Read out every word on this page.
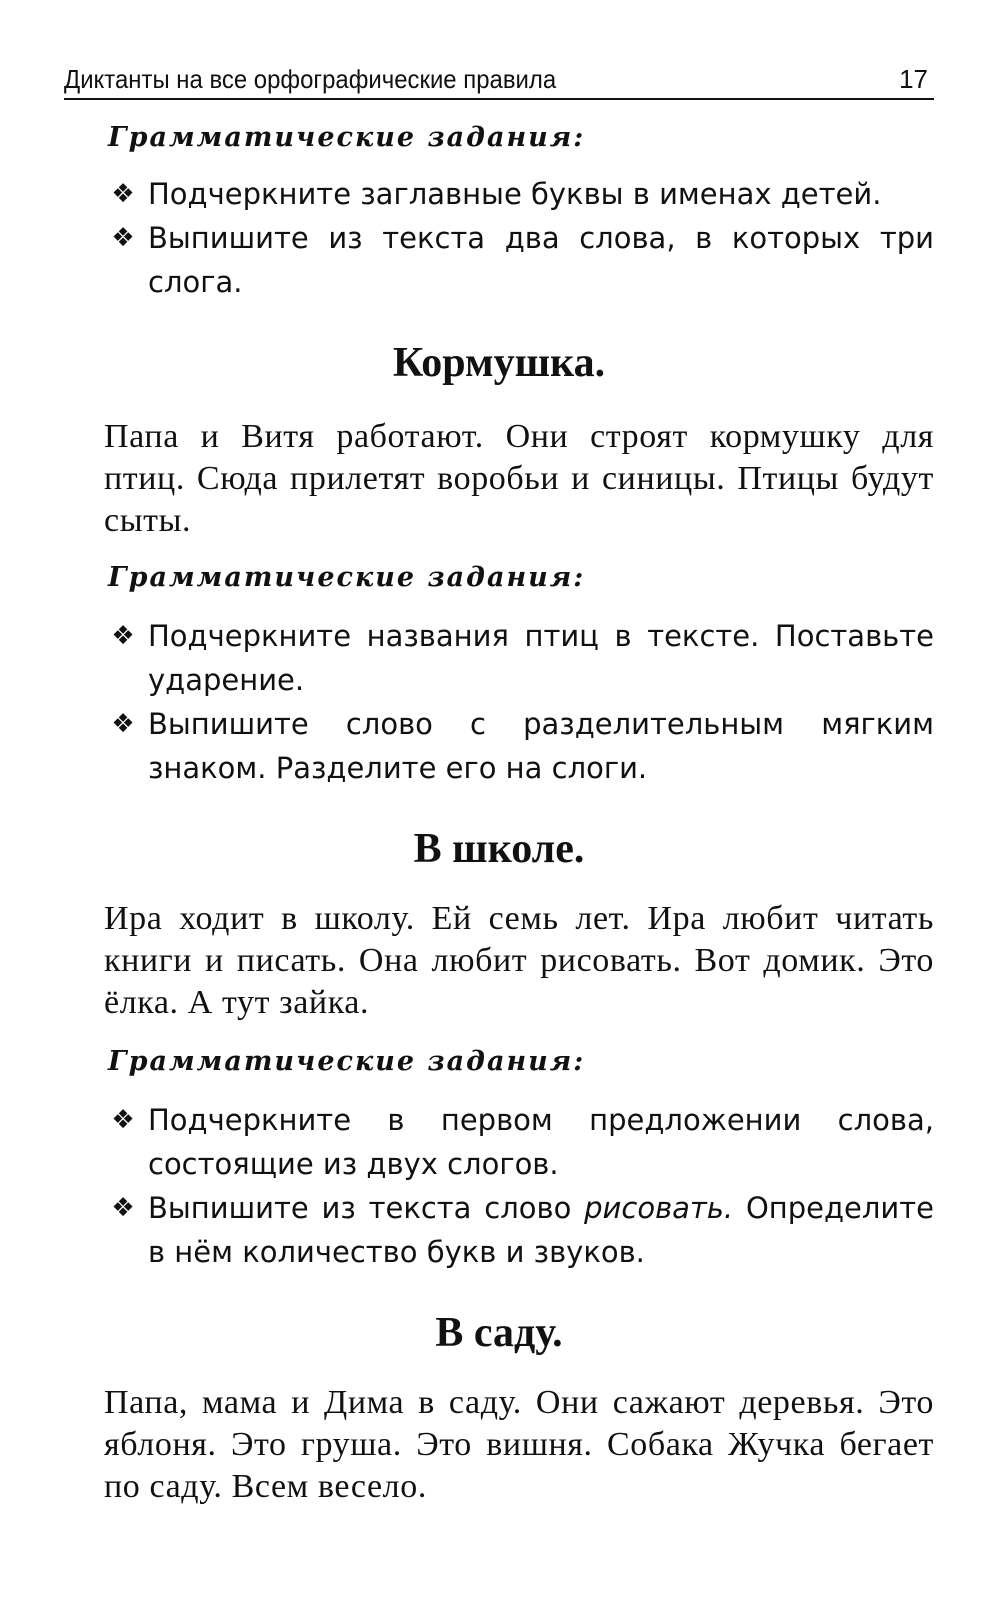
Диктанты на все орфографические правила	17
Грамматические задания:
❖ Подчеркните заглавные буквы в именах детей.
❖ Выпишите из текста два слова, в которых три слога.
Кормушка.

Папа и Витя работают. Они строят кормушку для птиц. Сюда прилетят воробьи и синицы. Птицы будут сыты.

Грамматические задания:
❖ Подчеркните названия птиц в тексте. Поставьте ударение.
❖ Выпишите слово с разделительным мягким знаком. Разделите его на слоги.
В школе.

Ира ходит в школу. Ей семь лет. Ира любит читать книги и писать. Она любит рисовать. Вот домик. Это ёлка. А тут зайка.

Грамматические задания:
❖ Подчеркните в первом предложении слова, состоящие из двух слогов.
❖ Выпишите из текста слово рисовать. Определите в нём количество букв и звуков.
В саду.

Папа, мама и Дима в саду. Они сажают деревья. Это яблоня. Это груша. Это вишня. Собака Жучка бегает по саду. Всем весело.
